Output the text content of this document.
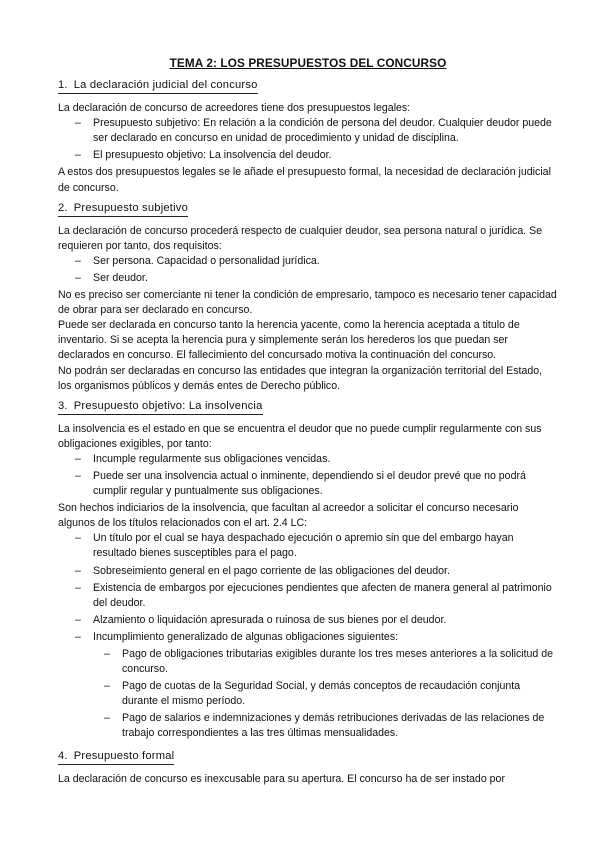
TEMA 2: LOS PRESUPUESTOS DEL CONCURSO
1. La declaración judicial del concurso

La declaración de concurso de acreedores tiene dos presupuestos legales:

– Presupuesto subjetivo: En relación a la condición de persona del deudor. Cualquier deudor puede ser declarado en concurso en unidad de procedimiento y unidad de disciplina.
– El presupuesto objetivo: La insolvencia del deudor.

A estos dos presupuestos legales se le añade el presupuesto formal, la necesidad de declaración judicial de concurso.

2. Presupuesto subjetivo

La declaración de concurso procederá respecto de cualquier deudor, sea persona natural o jurídica. Se requieren por tanto, dos requisitos:

– Ser persona. Capacidad o personalidad jurídica.
– Ser deudor.

No es preciso ser comerciante ni tener la condición de empresario, tampoco es necesario tener capacidad de obrar para ser declarado en concurso.

Puede ser declarada en concurso tanto la herencia yacente, como la herencia aceptada a titulo de inventario. Si se acepta la herencia pura y simplemente serán los herederos los que puedan ser declarados en concurso. El fallecimiento del concursado motiva la continuación del concurso.

No podrán ser declaradas en concurso las entidades que integran la organización territorial del Estado, los organismos públicos y demás entes de Derecho público.

3. Presupuesto objetivo: La insolvencia

La insolvencia es el estado en que se encuentra el deudor que no puede cumplir regularmente con sus obligaciones exigibles, por tanto:

– Incumple regularmente sus obligaciones vencidas.
– Puede ser una insolvencia actual o inminente, dependiendo si el deudor prevé que no podrá cumplir regular y puntualmente sus obligaciones.

Son hechos indiciarios de la insolvencia, que facultan al acreedor a solicitar el concurso necesario algunos de los títulos relacionados con el art. 2.4 LC:

– Un título por el cual se haya despachado ejecución o apremio sin que del embargo hayan resultado bienes susceptibles para el pago.
– Sobreseimiento general en el pago corriente de las obligaciones del deudor.
– Existencia de embargos por ejecuciones pendientes que afecten de manera general al patrimonio del deudor.
– Alzamiento o liquidación apresurada o ruinosa de sus bienes por el deudor.
– Incumplimiento generalizado de algunas obligaciones siguientes:
– Pago de obligaciones tributarias exigibles durante los tres meses anteriores a la solicitud de concurso.
– Pago de cuotas de la Seguridad Social, y demás conceptos de recaudación conjunta durante el mismo período.
– Pago de salarios e indemnizaciones y demás retribuciones derivadas de las relaciones de trabajo correspondientes a las tres últimas mensualidades.
4. Presupuesto formal

La declaración de concurso es inexcusable para su apertura. El concurso ha de ser instado por
